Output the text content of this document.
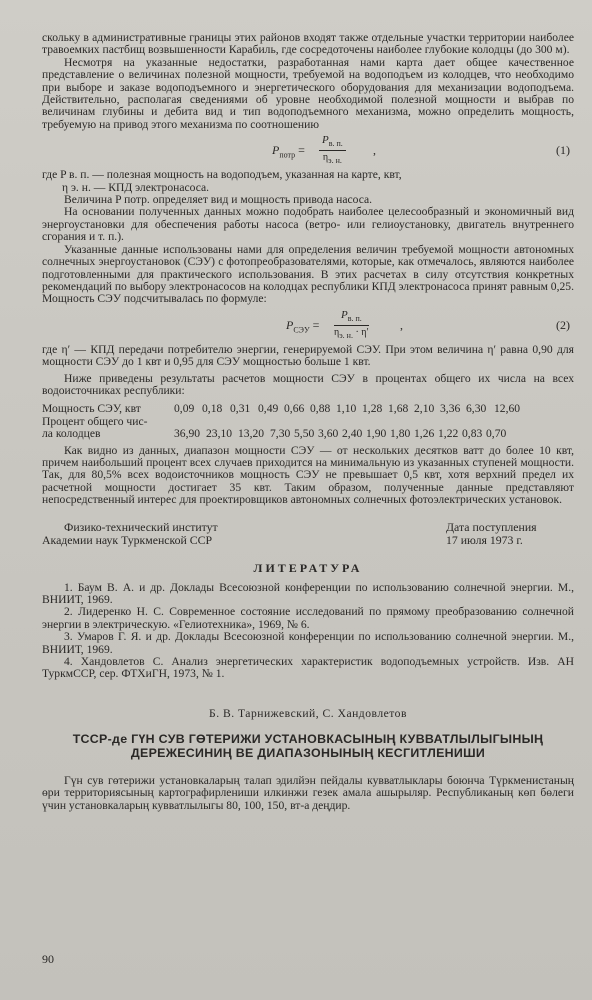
скольку в административные границы этих районов входят также отдельные участки территории наиболее травоемких пастбищ возвышенности Карабиль, где сосредоточены наиболее глубокие колодцы (до 300 м).

Несмотря на указанные недостатки, разработанная нами карта дает общее качественное представление о величинах полезной мощности, требуемой на водоподъем из колодцев, что необходимо при выборе и заказе водоподъемного и энергетического оборудования для механизации водоподъема. Действительно, располагая сведениями об уровне необходимой полезной мощности и выбрав по величинам глубины и дебита вид и тип водоподъемного механизма, можно определить мощность, требуемую на привод этого механизма по соотношению

$P_{потр}$ =
$P_{в. п.}$
$\eta_{э. н.}$
,	(1)

где P в. п. — полезная мощность на водоподъем, указанная на карте, квт,

η э. н. — КПД электронасоса.

Величина P потр. определяет вид и мощность привода насоса.

На основании полученных данных можно подобрать наиболее целесообразный и экономичный вид энергоустановки для обеспечения работы насоса (ветро- или гелиоустановку, двигатель внутреннего сгорания и т. п.).

Указанные данные использованы нами для определения величин требуемой мощности автономных солнечных энергоустановок (СЭУ) с фотопреобразователями, которые, как отмечалось, являются наиболее подготовленными для практического использования. В этих расчетах в силу отсутствия конкретных рекомендаций по выбору электронасосов на колодцах республики КПД электронасоса принят равным 0,25. Мощность СЭУ подсчитывалась по формуле:

$P_{СЭУ}$ =
$P_{в. п.}$
$\eta_{э. н.} \cdot \eta'$
,	(2)

где η′ — КПД передачи потребителю энергии, генерируемой СЭУ. При этом величина η′ равна 0,90 для мощности СЭУ до 1 квт и 0,95 для СЭУ мощностью больше 1 квт.

Ниже приведены результаты расчетов мощности СЭУ в процентах общего их числа на всех водоисточниках республики:

Мощность СЭУ, квт	0,09 0,18 0,31 0,49 0,66 0,88 1,10 1,28 1,68 2,10 3,36 6,30 12,60
Процент общего чис-
ла колодцев	36,90 23,10 13,20 7,30 5,50 3,60 2,40 1,90 1,80 1,26 1,22 0,83 0,70

Как видно из данных, диапазон мощности СЭУ — от нескольких десятков ватт до более 10 квт, причем наибольший процент всех случаев приходится на минимальную из указанных ступеней мощности. Так, для 80,5% всех водоисточников мощность СЭУ не превышает 0,5 квт, хотя верхний предел их расчетной мощности достигает 35 квт. Таким образом, полученные данные представляют непосредственный интерес для проектировщиков автономных солнечных фотоэлектрических установок.

Физико-технический институт
Академии наук Туркменской ССР
Дата поступления
17 июля 1973 г.
ЛИТЕРАТУРА

1. Баум В. А. и др. Доклады Всесоюзной конференции по использованию солнечной энергии. М., ВНИИТ, 1969.

2. Лидеренко Н. С. Современное состояние исследований по прямому преобразованию солнечной энергии в электрическую. «Гелиотехника», 1969, № 6.

3. Умаров Г. Я. и др. Доклады Всесоюзной конференции по использованию солнечной энергии. М., ВНИИТ, 1969.

4. Хандовлетов С. Анализ энергетических характеристик водоподъемных устройств. Изв. АН ТуркмССР, сер. ФТХиГН, 1973, № 1.

Б. В. Тарнижевский, С. Хандовлетов
ТССР-де ГҮН СУВ ГӨТЕРИЖИ УСТАНОВКАСЫНЫҢ КУВВАТЛЫЛЫГЫНЫҢ
ДЕРЕЖЕСИНИҢ ВЕ ДИАПАЗОНЫНЫҢ КЕСГИТЛЕНИШИ

Гүн сув гөтерижи установкаларың талап эдилйэн пейдалы кувватлыклары боюнча Түркменистаның өри территориясының картографирлениши илкинжи гезек амала ашырыляр. Республиканың көп бөлеги үчин установкаларың кувватлылыгы 80, 100, 150, вт-а деңдир.

90
